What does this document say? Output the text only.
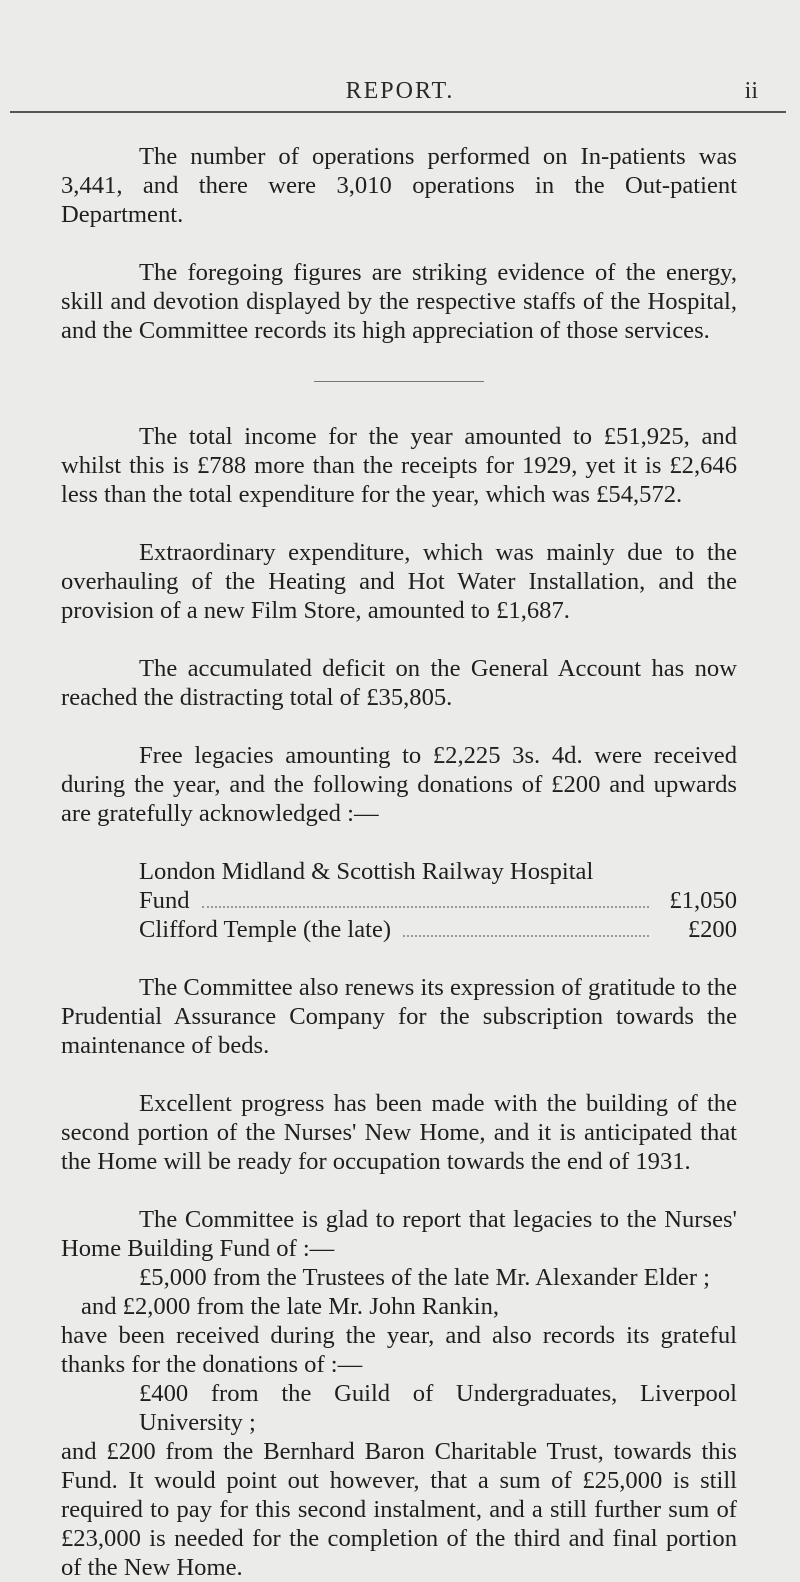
REPORT.	ii

The number of operations performed on In-patients was 3,441, and there were 3,010 operations in the Out-patient Department.

The foregoing figures are striking evidence of the energy, skill and devotion displayed by the respective staffs of the Hospital, and the Committee records its high appreciation of those services.

The total income for the year amounted to £51,925, and whilst this is £788 more than the receipts for 1929, yet it is £2,646 less than the total expenditure for the year, which was £54,572.

Extraordinary expenditure, which was mainly due to the overhauling of the Heating and Hot Water Installation, and the provision of a new Film Store, amounted to £1,687.

The accumulated deficit on the General Account has now reached the distracting total of £35,805.

Free legacies amounting to £2,225 3s. 4d. were received during the year, and the following donations of £200 and upwards are gratefully acknowledged :—

London Midland & Scottish Railway Hospital
Fund	£1,050
Clifford Temple (the late)	£200

The Committee also renews its expression of gratitude to the Prudential Assurance Company for the subscription towards the maintenance of beds.

Excellent progress has been made with the building of the second portion of the Nurses' New Home, and it is anticipated that the Home will be ready for occupation towards the end of 1931.

The Committee is glad to report that legacies to the Nurses' Home Building Fund of :—

£5,000 from the Trustees of the late Mr. Alexander Elder ;

and £2,000 from the late Mr. John Rankin,

have been received during the year, and also records its grateful thanks for the donations of :—

£400 from the Guild of Undergraduates, Liverpool University ;

and £200 from the Bernhard Baron Charitable Trust, towards this Fund. It would point out however, that a sum of £25,000 is still required to pay for this second instalment, and a still further sum of £23,000 is needed for the completion of the third and final portion of the New Home.
